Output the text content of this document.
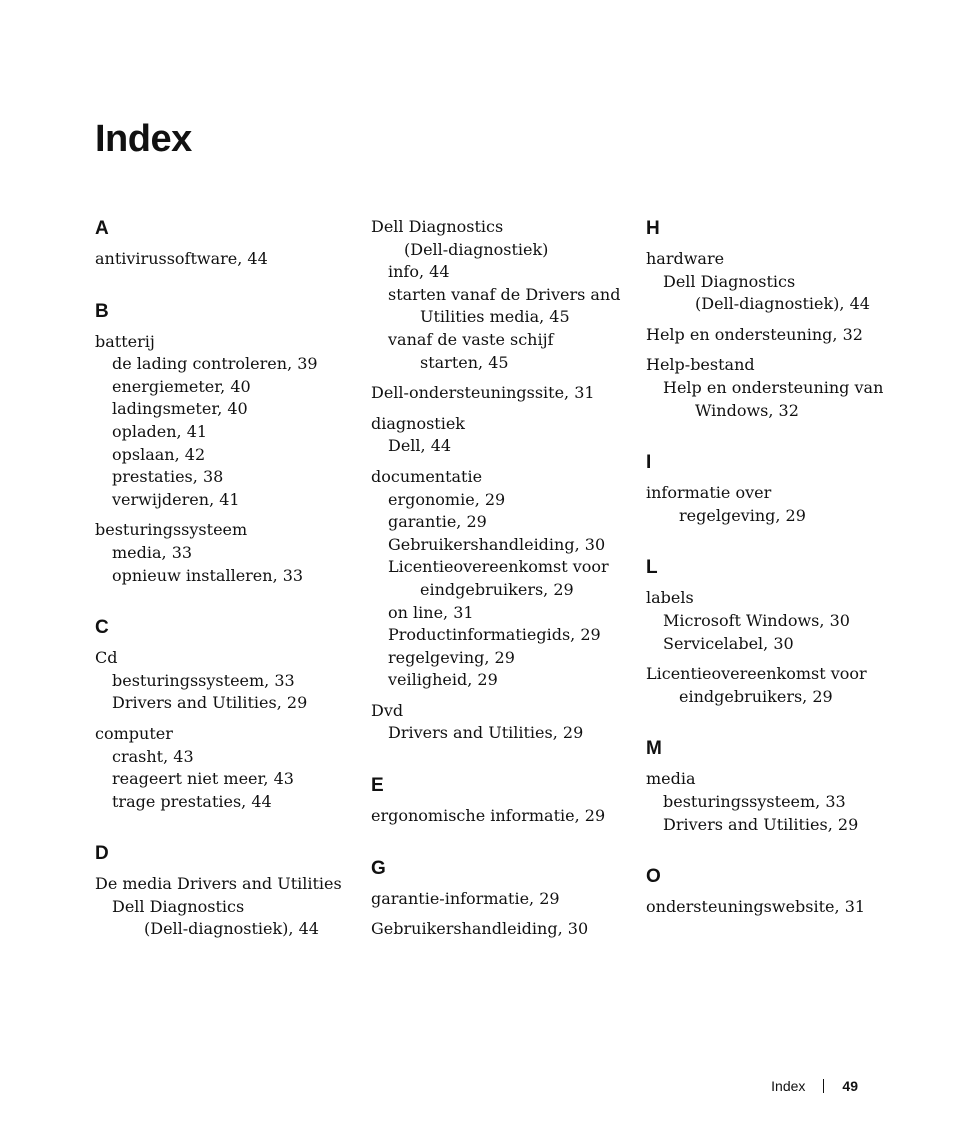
Index
A
antivirussoftware, 44
B
batterij
de lading controleren, 39
energiemeter, 40
ladingsmeter, 40
opladen, 41
opslaan, 42
prestaties, 38
verwijderen, 41
besturingssysteem
media, 33
opnieuw installeren, 33
C
Cd
besturingssysteem, 33
Drivers and Utilities, 29
computer
crasht, 43
reageert niet meer, 43
trage prestaties, 44
D
De media Drivers and Utilities
Dell Diagnostics
(Dell-diagnostiek), 44
Dell Diagnostics
(Dell-diagnostiek)
info, 44
starten vanaf de Drivers and
Utilities media, 45
vanaf de vaste schijf
starten, 45
Dell-ondersteuningssite, 31
diagnostiek
Dell, 44
documentatie
ergonomie, 29
garantie, 29
Gebruikershandleiding, 30
Licentieovereenkomst voor
eindgebruikers, 29
on line, 31
Productinformatiegids, 29
regelgeving, 29
veiligheid, 29
Dvd
Drivers and Utilities, 29
E
ergonomische informatie, 29
G
garantie-informatie, 29
Gebruikershandleiding, 30
H
hardware
Dell Diagnostics
(Dell-diagnostiek), 44
Help en ondersteuning, 32
Help-bestand
Help en ondersteuning van
Windows, 32
I
informatie over
regelgeving, 29
L
labels
Microsoft Windows, 30
Servicelabel, 30
Licentieovereenkomst voor
eindgebruikers, 29
M
media
besturingssysteem, 33
Drivers and Utilities, 29
O
ondersteuningswebsite, 31
Index	49
